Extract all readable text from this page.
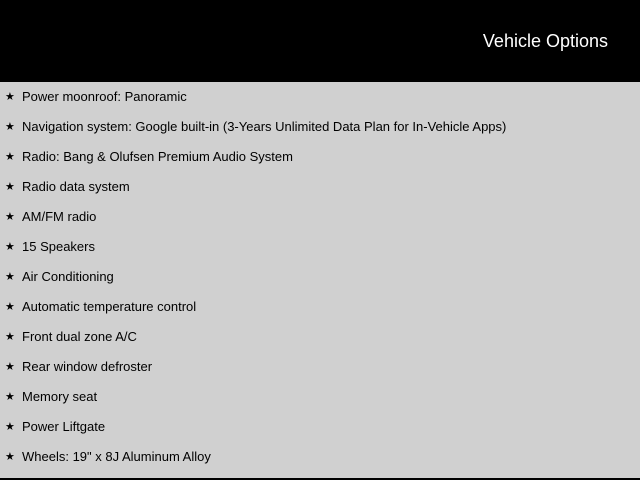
Vehicle Options
★ Power moonroof: Panoramic
★ Navigation system: Google built-in (3-Years Unlimited Data Plan for In-Vehicle Apps)
★ Radio: Bang & Olufsen Premium Audio System
★ Radio data system
★ AM/FM radio
★ 15 Speakers
★ Air Conditioning
★ Automatic temperature control
★ Front dual zone A/C
★ Rear window defroster
★ Memory seat
★ Power Liftgate
★ Wheels: 19" x 8J Aluminum Alloy
